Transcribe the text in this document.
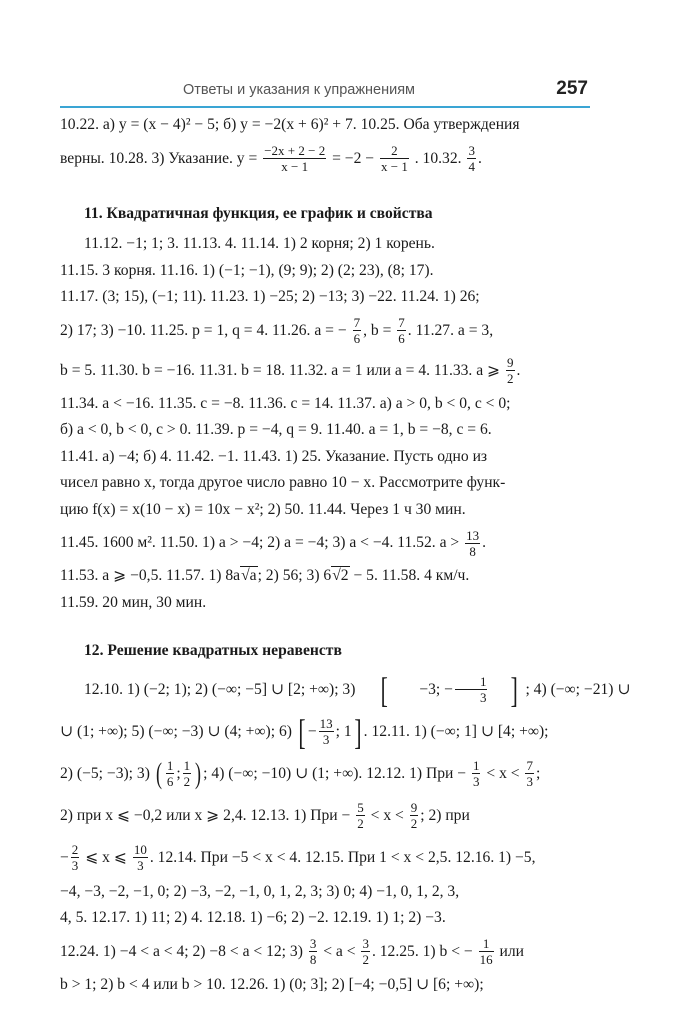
Ответы и указания к упражнениям	257
10.22. а) y = (x − 4)² − 5; б) y = −2(x + 6)² + 7. 10.25. Оба утверждения
верны. 10.28. 3) Указание. $y = \frac{-2x + 2 - 2}{x - 1} = -2 - \frac{2}{x - 1}$ . 10.32. $\frac{3}{4}$ .
11. Квадратичная функция, ее график и свойства
11.12. −1; 1; 3. 11.13. 4. 11.14. 1) 2 корня; 2) 1 корень.
11.15. 3 корня. 11.16. 1) (−1; −1), (9; 9); 2) (2; 23), (8; 17).
11.17. (3; 15), (−1; 11). 11.23. 1) −25; 2) −13; 3) −22. 11.24. 1) 26;
2) 17; 3) −10. 11.25. p = 1, q = 4. 11.26. a = − $\frac{7}{6}$ , $b = \frac{7}{6}$ . 11.27. a = 3,
b = 5. 11.30. b = −16. 11.31. b = 18. 11.32. a = 1 или a = 4. 11.33. a ⩾ $\frac{9}{2}$ .
11.34. a < −16. 11.35. c = −8. 11.36. c = 14. 11.37. а) a > 0, b < 0, c < 0;
б) a < 0, b < 0, c > 0. 11.39. p = −4, q = 9. 11.40. a = 1, b = −8, c = 6.
11.41. а) −4; б) 4. 11.42. −1. 11.43. 1) 25. Указание. Пусть одно из
чисел равно x, тогда другое число равно 10 − x. Рассмотрите функ-
цию f(x) = x(10 − x) = 10x − x²; 2) 50. 11.44. Через 1 ч 30 мин.
11.45. 1600 м². 11.50. 1) a > −4; 2) a = −4; 3) a < −4. 11.52. $a > \frac{13}{8}$ .
11.53. a ⩾ −0,5. 11.57. 1) 8a√a; 2) 56; 3) 6√2 − 5. 11.58. 4 км/ч.
11.59. 20 мин, 30 мин.
12. Решение квадратных неравенств
12.10. 1) (−2; 1); 2) (−∞; −5] ∪ [2; +∞); 3) [	−3; − $\frac{1}{3}$ ] ; 4) (−∞; −21) ∪
∪ (1; +∞); 5) (−∞; −3) ∪ (4; +∞); 6) [ − $\frac{13}{3}$ ; 1 ] . 12.11. 1) (−∞; 1] ∪ [4; +∞);
2) (−5; −3); 3) ( $\frac{1}{6}$ ; $\frac{1}{2}$ ) ; 4) (−∞; −10) ∪ (1; +∞). 12.12. 1) При − $\frac{1}{3} < x < \frac{7}{3}$ ;
2) при x ⩽ −0,2 или x ⩾ 2,4. 12.13. 1) При − $\frac{5}{2} < x < \frac{9}{2}$ ; 2) при
− $\frac{2}{3}$ ⩽ x ⩽ $\frac{10}{3}$ . 12.14. При −5 < x < 4. 12.15. При 1 < x < 2,5. 12.16. 1) −5,
−4, −3, −2, −1, 0; 2) −3, −2, −1, 0, 1, 2, 3; 3) 0; 4) −1, 0, 1, 2, 3,
4, 5. 12.17. 1) 11; 2) 4. 12.18. 1) −6; 2) −2. 12.19. 1) 1; 2) −3.
12.24. 1) −4 < a < 4; 2) −8 < a < 12; $3) \frac{3}{8} < a < \frac{3}{2}$ . 12.25. 1) b < − $\frac{1}{16}$ или
b > 1; 2) b < 4 или b > 10. 12.26. 1) (0; 3]; 2) [−4; −0,5] ∪ [6; +∞);
